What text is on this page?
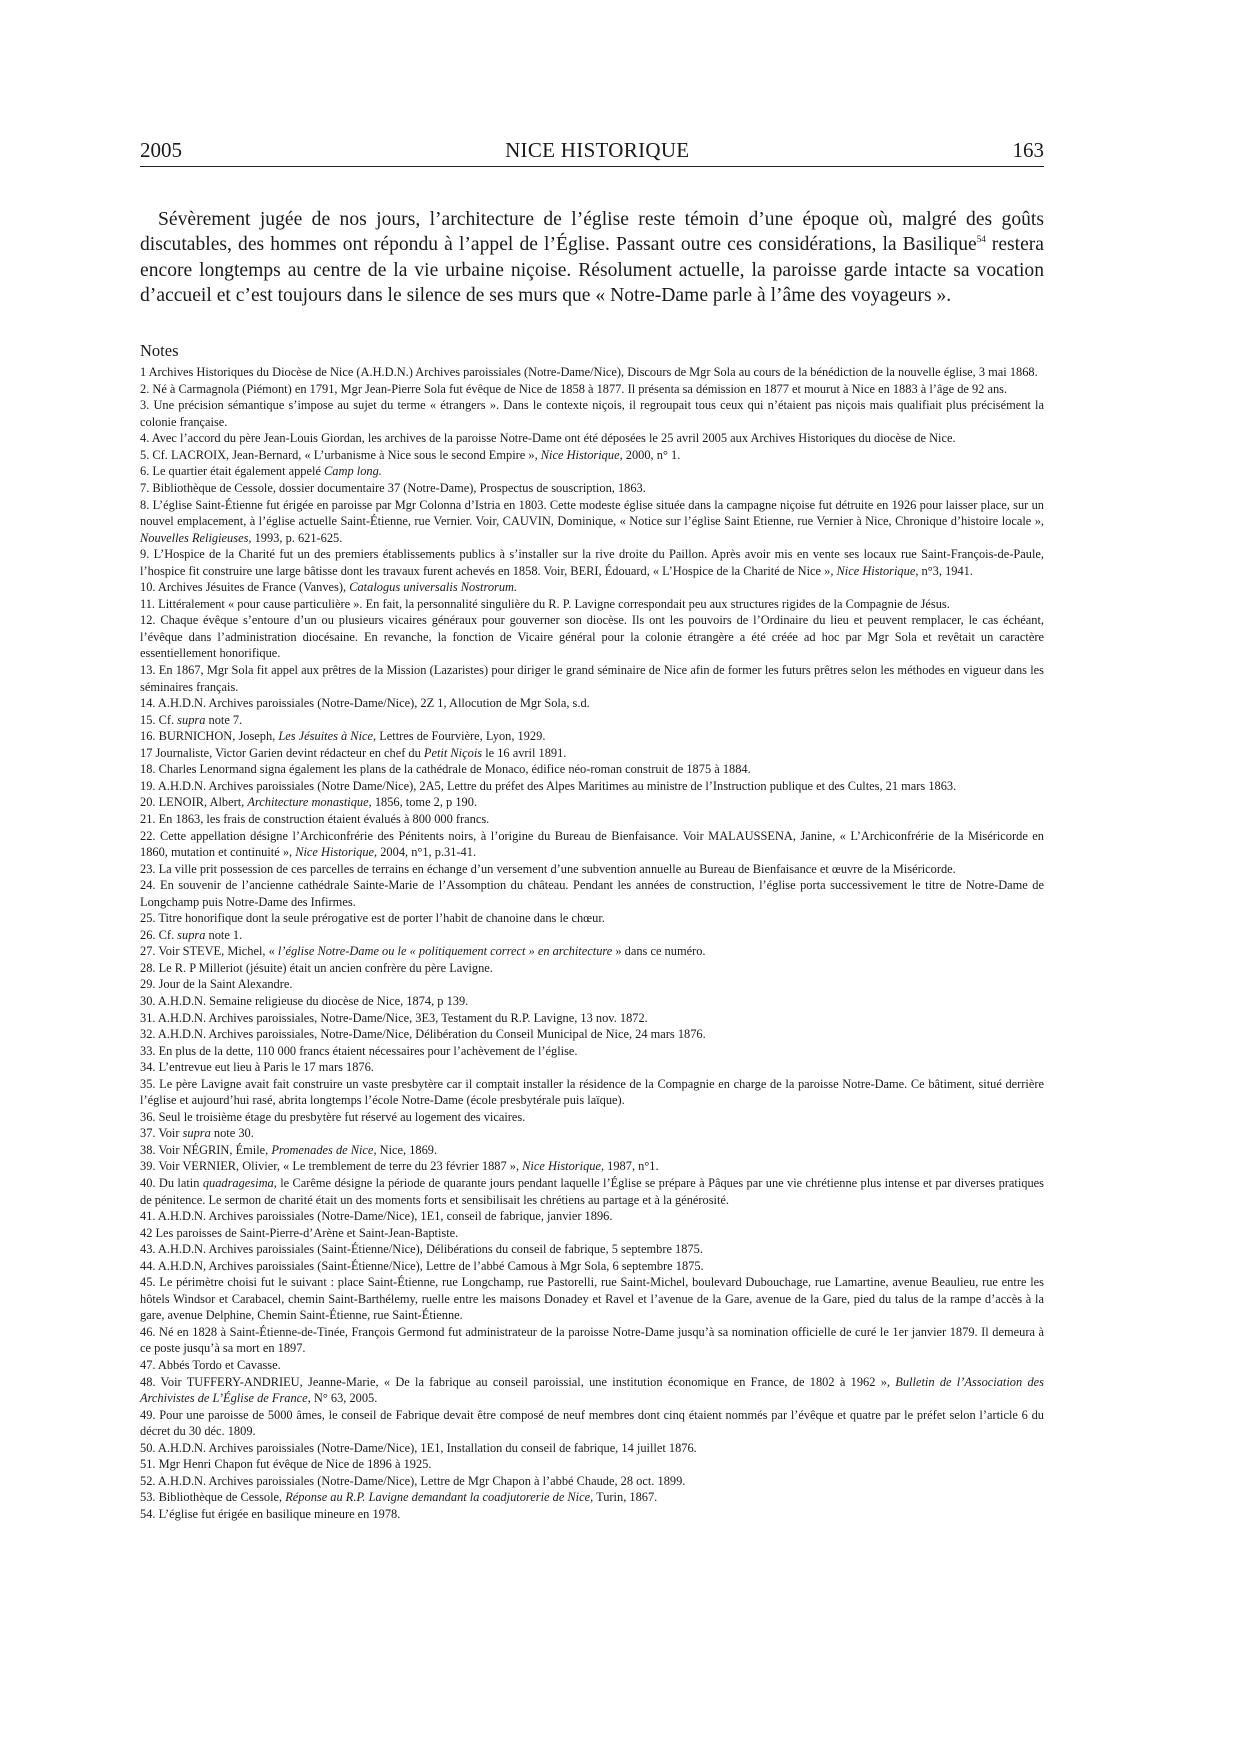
2005	NICE HISTORIQUE	163

Sévèrement jugée de nos jours, l’architecture de l’église reste témoin d’une époque où, malgré des goûts discutables, des hommes ont répondu à l’appel de l’Église. Passant outre ces considérations, la Basilique$^{54}$ restera encore longtemps au centre de la vie urbaine niçoise. Résolument actuelle, la paroisse garde intacte sa vocation d’accueil et c’est toujours dans le silence de ses murs que « Notre-Dame parle à l’âme des voyageurs ».

Notes
1 Archives Historiques du Diocèse de Nice (A.H.D.N.) Archives paroissiales (Notre-Dame/Nice), Discours de Mgr Sola au cours de la bénédiction de la nouvelle église, 3 mai 1868.
2. Né à Carmagnola (Piémont) en 1791, Mgr Jean-Pierre Sola fut évêque de Nice de 1858 à 1877. Il présenta sa démission en 1877 et mourut à Nice en 1883 à l’âge de 92 ans.
3. Une précision sémantique s’impose au sujet du terme « étrangers ». Dans le contexte niçois, il regroupait tous ceux qui n’étaient pas niçois mais qualifiait plus précisément la colonie française.
4. Avec l’accord du père Jean-Louis Giordan, les archives de la paroisse Notre-Dame ont été déposées le 25 avril 2005 aux Archives Historiques du diocèse de Nice.
5. Cf. LACROIX, Jean-Bernard, « L’urbanisme à Nice sous le second Empire », Nice Historique, 2000, n° 1.
6. Le quartier était également appelé Camp long.
7. Bibliothèque de Cessole, dossier documentaire 37 (Notre-Dame), Prospectus de souscription, 1863.
8. L’église Saint-Étienne fut érigée en paroisse par Mgr Colonna d’Istria en 1803. Cette modeste église située dans la campagne niçoise fut détruite en 1926 pour laisser place, sur un nouvel emplacement, à l’église actuelle Saint-Étienne, rue Vernier. Voir, CAUVIN, Dominique, « Notice sur l’église Saint Etienne, rue Vernier à Nice, Chronique d’histoire locale », Nouvelles Religieuses, 1993, p. 621-625.
9. L’Hospice de la Charité fut un des premiers établissements publics à s’installer sur la rive droite du Paillon. Après avoir mis en vente ses locaux rue Saint-François-de-Paule, l’hospice fit construire une large bâtisse dont les travaux furent achevés en 1858. Voir, BERI, Édouard, « L’Hospice de la Charité de Nice », Nice Historique, n°3, 1941.
10. Archives Jésuites de France (Vanves), Catalogus universalis Nostrorum.
11. Littéralement « pour cause particulière ». En fait, la personnalité singulière du R. P. Lavigne correspondait peu aux structures rigides de la Compagnie de Jésus.
12. Chaque évêque s’entoure d’un ou plusieurs vicaires généraux pour gouverner son diocèse. Ils ont les pouvoirs de l’Ordinaire du lieu et peuvent remplacer, le cas échéant, l’évêque dans l’administration diocésaine. En revanche, la fonction de Vicaire général pour la colonie étrangère a été créée ad hoc par Mgr Sola et revêtait un caractère essentiellement honorifique.
13. En 1867, Mgr Sola fit appel aux prêtres de la Mission (Lazaristes) pour diriger le grand séminaire de Nice afin de former les futurs prêtres selon les méthodes en vigueur dans les séminaires français.
14. A.H.D.N. Archives paroissiales (Notre-Dame/Nice), 2Z 1, Allocution de Mgr Sola, s.d.
15. Cf. supra note 7.
16. BURNICHON, Joseph, Les Jésuites à Nice, Lettres de Fourvière, Lyon, 1929.
17 Journaliste, Victor Garien devint rédacteur en chef du Petit Niçois le 16 avril 1891.
18. Charles Lenormand signa également les plans de la cathédrale de Monaco, édifice néo-roman construit de 1875 à 1884.
19. A.H.D.N. Archives paroissiales (Notre Dame/Nice), 2A5, Lettre du préfet des Alpes Maritimes au ministre de l’Instruction publique et des Cultes, 21 mars 1863.
20. LENOIR, Albert, Architecture monastique, 1856, tome 2, p 190.
21. En 1863, les frais de construction étaient évalués à 800 000 francs.
22. Cette appellation désigne l’Archiconfrérie des Pénitents noirs, à l’origine du Bureau de Bienfaisance. Voir MALAUSSENA, Janine, « L’Archiconfrérie de la Miséricorde en 1860, mutation et continuité », Nice Historique, 2004, n°1, p.31-41.
23. La ville prit possession de ces parcelles de terrains en échange d’un versement d’une subvention annuelle au Bureau de Bienfaisance et œuvre de la Miséricorde.
24. En souvenir de l’ancienne cathédrale Sainte-Marie de l’Assomption du château. Pendant les années de construction, l’église porta successivement le titre de Notre-Dame de Longchamp puis Notre-Dame des Infirmes.
25. Titre honorifique dont la seule prérogative est de porter l’habit de chanoine dans le chœur.
26. Cf. supra note 1.
27. Voir STEVE, Michel, « l’église Notre-Dame ou le « politiquement correct » en architecture » dans ce numéro.
28. Le R. P Milleriot (jésuite) était un ancien confrère du père Lavigne.
29. Jour de la Saint Alexandre.
30. A.H.D.N. Semaine religieuse du diocèse de Nice, 1874, p 139.
31. A.H.D.N. Archives paroissiales, Notre-Dame/Nice, 3E3, Testament du R.P. Lavigne, 13 nov. 1872.
32. A.H.D.N. Archives paroissiales, Notre-Dame/Nice, Délibération du Conseil Municipal de Nice, 24 mars 1876.
33. En plus de la dette, 110 000 francs étaient nécessaires pour l’achèvement de l’église.
34. L’entrevue eut lieu à Paris le 17 mars 1876.
35. Le père Lavigne avait fait construire un vaste presbytère car il comptait installer la résidence de la Compagnie en charge de la paroisse Notre-Dame. Ce bâtiment, situé derrière l’église et aujourd’hui rasé, abrita longtemps l’école Notre-Dame (école presbytérale puis laïque).
36. Seul le troisième étage du presbytère fut réservé au logement des vicaires.
37. Voir supra note 30.
38. Voir NÉGRIN, Émile, Promenades de Nice, Nice, 1869.
39. Voir VERNIER, Olivier, « Le tremblement de terre du 23 février 1887 », Nice Historique, 1987, n°1.
40. Du latin quadragesima, le Carême désigne la période de quarante jours pendant laquelle l’Église se prépare à Pâques par une vie chrétienne plus intense et par diverses pratiques de pénitence. Le sermon de charité était un des moments forts et sensibilisait les chrétiens au partage et à la générosité.
41. A.H.D.N. Archives paroissiales (Notre-Dame/Nice), 1E1, conseil de fabrique, janvier 1896.
42 Les paroisses de Saint-Pierre-d’Arène et Saint-Jean-Baptiste.
43. A.H.D.N. Archives paroissiales (Saint-Étienne/Nice), Délibérations du conseil de fabrique, 5 septembre 1875.
44. A.H.D.N, Archives paroissiales (Saint-Étienne/Nice), Lettre de l’abbé Camous à Mgr Sola, 6 septembre 1875.
45. Le périmètre choisi fut le suivant : place Saint-Étienne, rue Longchamp, rue Pastorelli, rue Saint-Michel, boulevard Dubouchage, rue Lamartine, avenue Beaulieu, rue entre les hôtels Windsor et Carabacel, chemin Saint-Barthélemy, ruelle entre les maisons Donadey et Ravel et l’avenue de la Gare, avenue de la Gare, pied du talus de la rampe d’accès à la gare, avenue Delphine, Chemin Saint-Étienne, rue Saint-Étienne.
46. Né en 1828 à Saint-Étienne-de-Tinée, François Germond fut administrateur de la paroisse Notre-Dame jusqu’à sa nomination officielle de curé le 1er janvier 1879. Il demeura à ce poste jusqu’à sa mort en 1897.
47. Abbés Tordo et Cavasse.
48. Voir TUFFERY-ANDRIEU, Jeanne-Marie, « De la fabrique au conseil paroissial, une institution économique en France, de 1802 à 1962 », Bulletin de l’Association des Archivistes de L’Église de France, N° 63, 2005.
49. Pour une paroisse de 5000 âmes, le conseil de Fabrique devait être composé de neuf membres dont cinq étaient nommés par l’évêque et quatre par le préfet selon l’article 6 du décret du 30 déc. 1809.
50. A.H.D.N. Archives paroissiales (Notre-Dame/Nice), 1E1, Installation du conseil de fabrique, 14 juillet 1876.
51. Mgr Henri Chapon fut évêque de Nice de 1896 à 1925.
52. A.H.D.N. Archives paroissiales (Notre-Dame/Nice), Lettre de Mgr Chapon à l’abbé Chaude, 28 oct. 1899.
53. Bibliothèque de Cessole, Réponse au R.P. Lavigne demandant la coadjutorerie de Nice, Turin, 1867.
54. L’église fut érigée en basilique mineure en 1978.
